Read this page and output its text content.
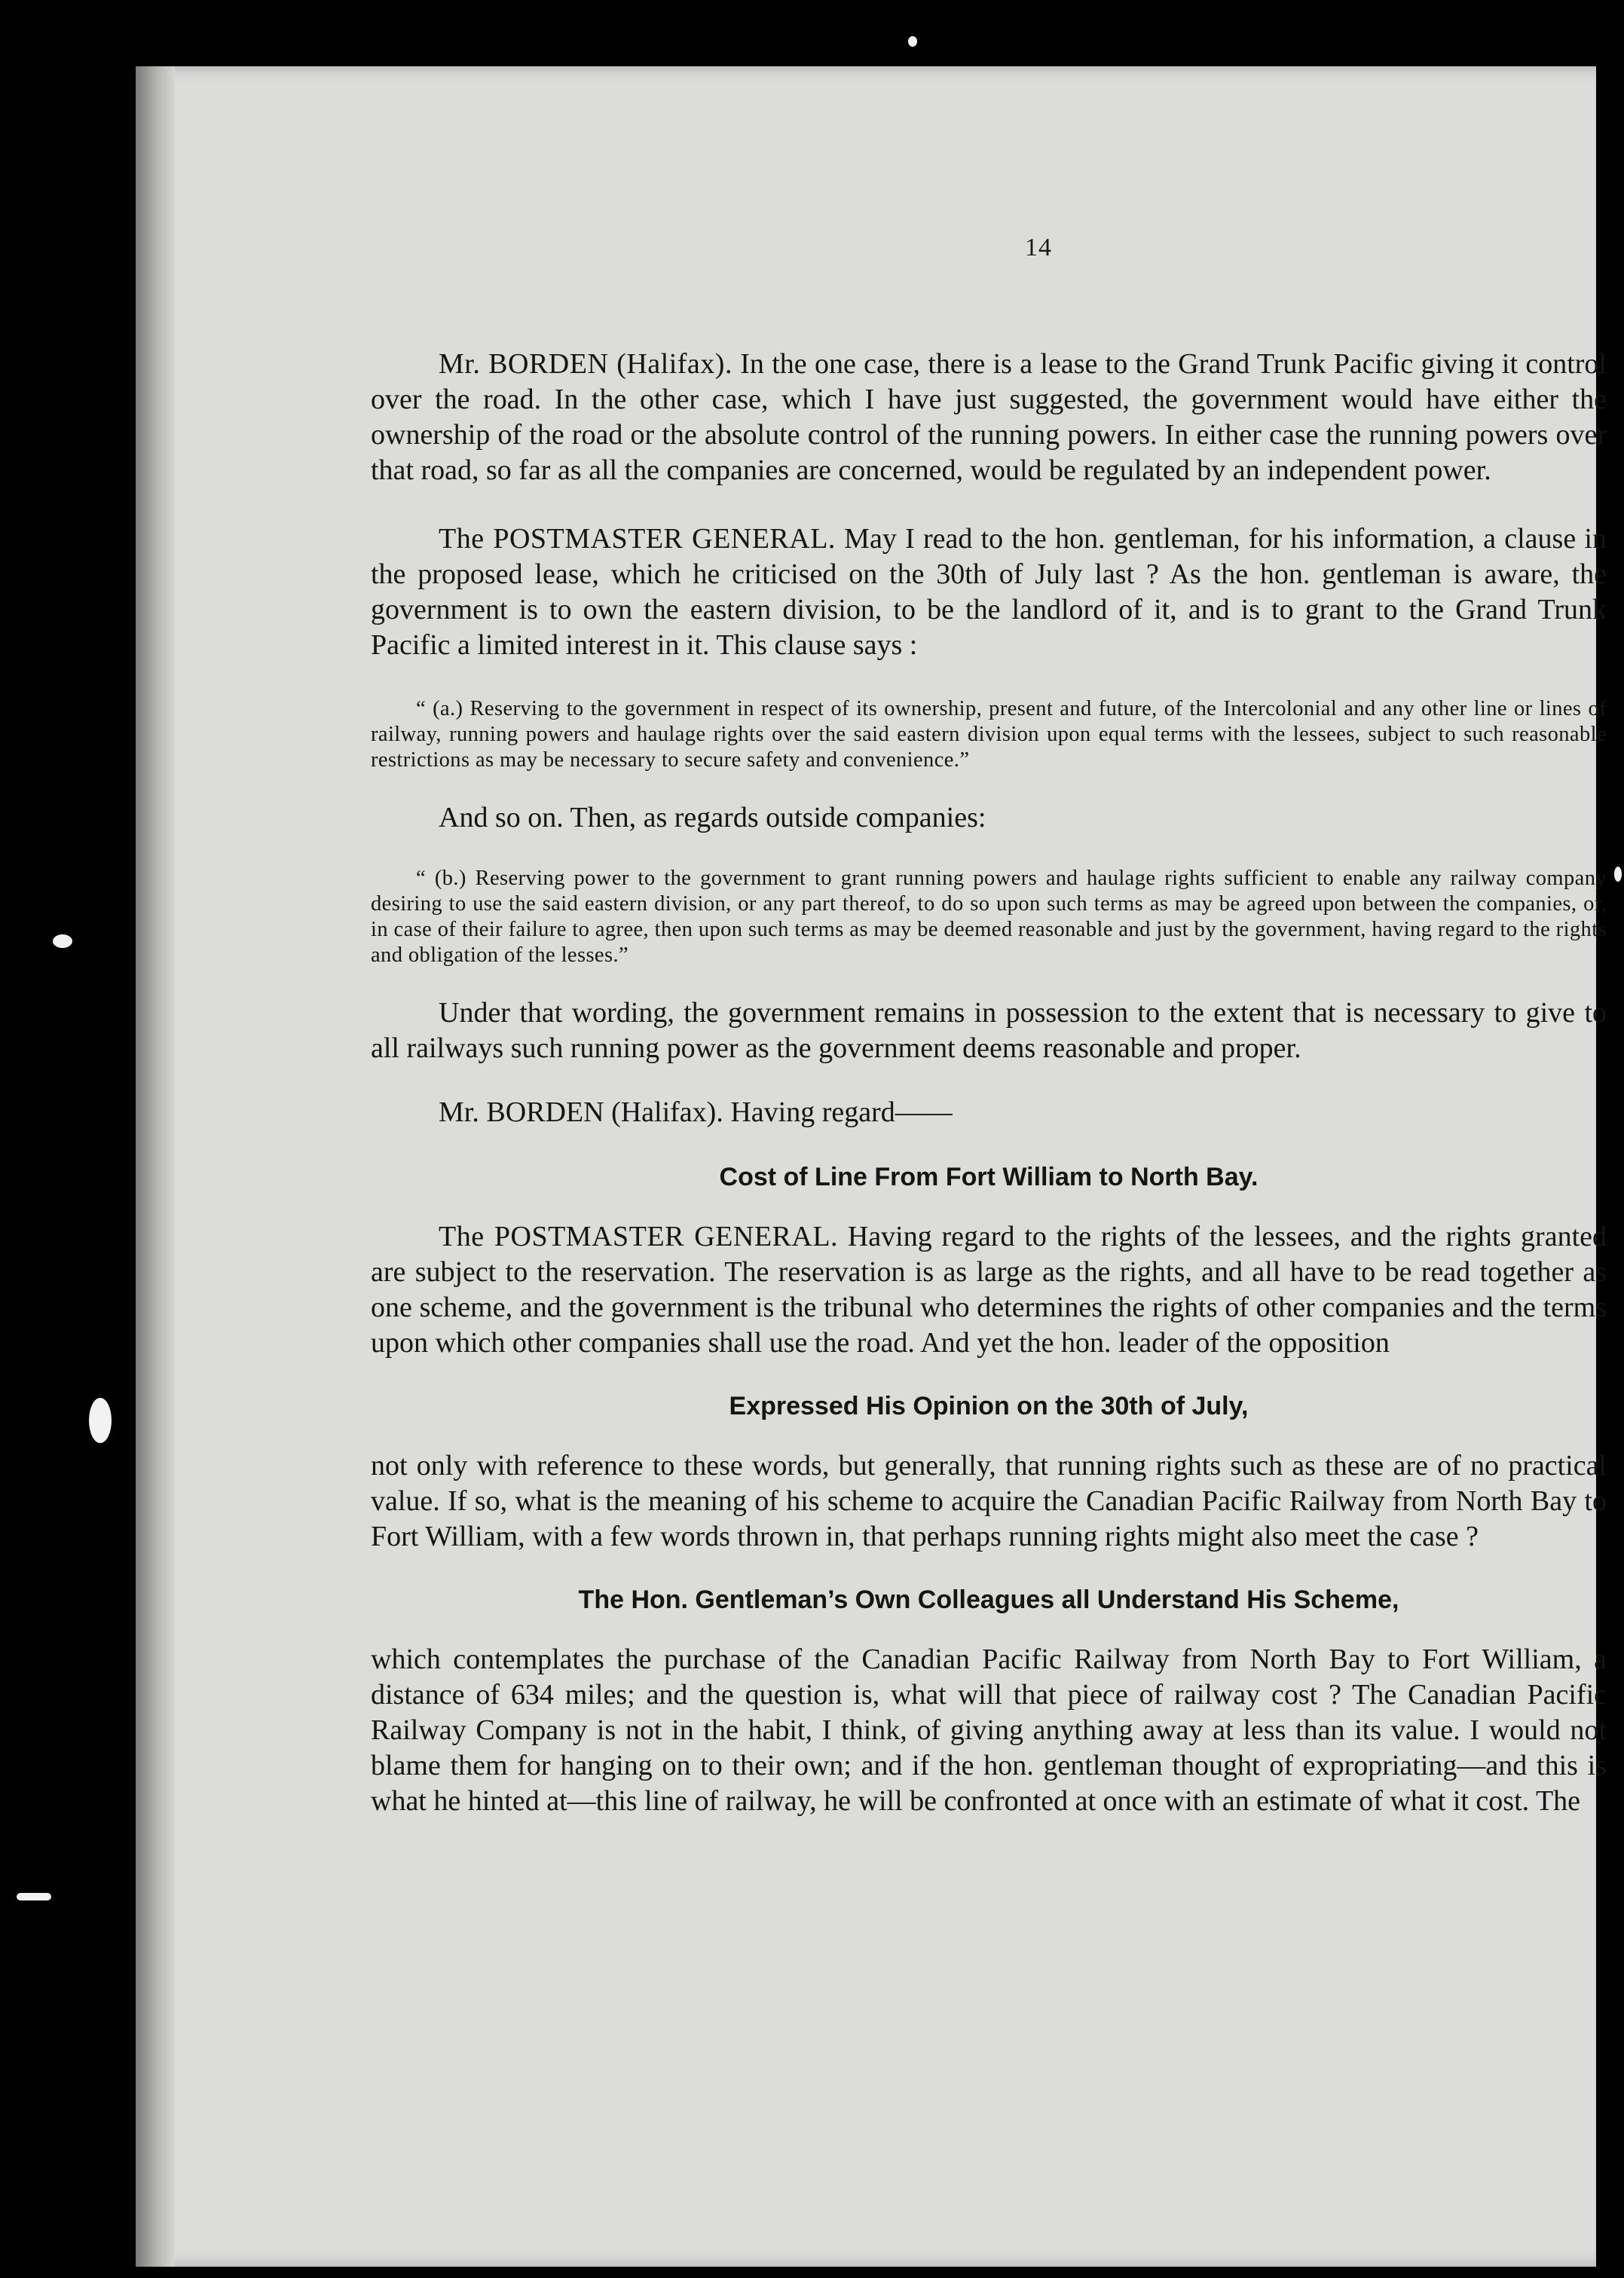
14

Mr. BORDEN (Halifax). In the one case, there is a lease to the Grand Trunk Pacific giving it control over the road. In the other case, which I have just suggested, the government would have either the ownership of the road or the absolute control of the running powers. In either case the running powers over that road, so far as all the companies are concerned, would be regulated by an independent power.

The POSTMASTER GENERAL. May I read to the hon. gentleman, for his information, a clause in the proposed lease, which he criticised on the 30th of July last ? As the hon. gentleman is aware, the government is to own the eastern division, to be the landlord of it, and is to grant to the Grand Trunk Pacific a limited interest in it. This clause says :

“ (a.) Reserving to the government in respect of its ownership, present and future, of the Intercolonial and any other line or lines of railway, running powers and haulage rights over the said eastern division upon equal terms with the lessees, subject to such reasonable restrictions as may be necessary to secure safety and convenience.”

And so on. Then, as regards outside companies:

“ (b.) Reserving power to the government to grant running powers and haulage rights sufficient to enable any railway company desiring to use the said eastern division, or any part thereof, to do so upon such terms as may be agreed upon between the companies, or, in case of their failure to agree, then upon such terms as may be deemed reasonable and just by the government, having regard to the rights and obligation of the lesses.”

Under that wording, the government remains in possession to the extent that is necessary to give to all railways such running power as the government deems reasonable and proper.

Mr. BORDEN (Halifax). Having regard——

Cost of Line From Fort William to North Bay.

The POSTMASTER GENERAL. Having regard to the rights of the lessees, and the rights granted are subject to the reservation. The reservation is as large as the rights, and all have to be read together as one scheme, and the government is the tribunal who determines the rights of other companies and the terms upon which other companies shall use the road. And yet the hon. leader of the opposition

Expressed His Opinion on the 30th of July,

not only with reference to these words, but generally, that running rights such as these are of no practical value. If so, what is the meaning of his scheme to acquire the Canadian Pacific Railway from North Bay to Fort William, with a few words thrown in, that perhaps running rights might also meet the case ?

The Hon. Gentleman’s Own Colleagues all Understand His Scheme,

which contemplates the purchase of the Canadian Pacific Railway from North Bay to Fort William, a distance of 634 miles; and the question is, what will that piece of railway cost ? The Canadian Pacific Railway Company is not in the habit, I think, of giving anything away at less than its value. I would not blame them for hanging on to their own; and if the hon. gentleman thought of expropriating—and this is what he hinted at—this line of railway, he will be confronted at once with an estimate of what it cost. The
